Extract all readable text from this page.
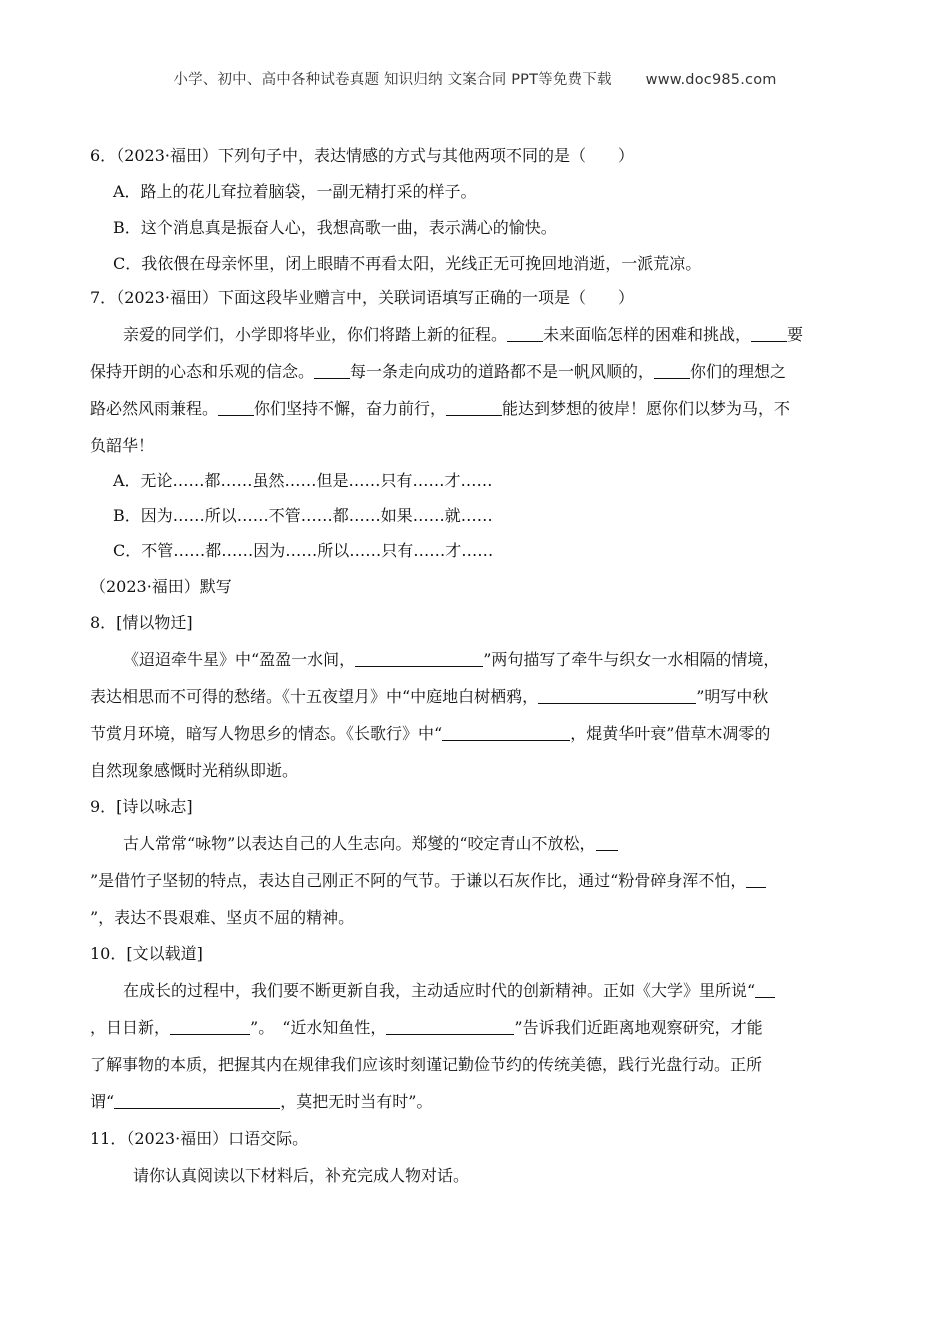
小学、初中、高中各种试卷真题 知识归纳 文案合同 PPT等免费下载 www.doc985.com
6．（2023·福田）下列句子中，表达情感的方式与其他两项不同的是（　　）
A．路上的花儿耷拉着脑袋，一副无精打采的样子。
B．这个消息真是振奋人心，我想高歌一曲，表示满心的愉快。
C．我依偎在母亲怀里，闭上眼睛不再看太阳，光线正无可挽回地消逝，一派荒凉。
7．（2023·福田）下面这段毕业赠言中，关联词语填写正确的一项是（　　）
亲爱的同学们，小学即将毕业，你们将踏上新的征程。 未来面临怎样的困难和挑战， 要
保持开朗的心态和乐观的信念。 每一条走向成功的道路都不是一帆风顺的， 你们的理想之
路必然风雨兼程。 你们坚持不懈，奋力前行，	能达到梦想的彼岸！愿你们以梦为马，不
负韶华！
A．无论……都……虽然……但是……只有……才……
B．因为……所以……不管……都……如果……就……
C．不管……都……因为……所以……只有……才……
（2023·福田）默写
8．[情以物迁]
《迢迢牵牛星》中“盈盈一水间，	”两句描写了牵牛与织女一水相隔的情境，
表达相思而不可得的愁绪。《十五夜望月》中“中庭地白树栖鸦，	”明写中秋
节赏月环境，暗写人物思乡的情态。《长歌行》中“	，焜黄华叶衰”借草木凋零的
自然现象感慨时光稍纵即逝。
9．[诗以咏志]
古人常常“咏物”以表达自己的人生志向。郑燮的“咬定青山不放松，
”是借竹子坚韧的特点，表达自己刚正不阿的气节。于谦以石灰作比，通过“粉骨碎身浑不怕，
”，表达不畏艰难、坚贞不屈的精神。
10．[文以载道]
在成长的过程中，我们要不断更新自我，主动适应时代的创新精神。正如《大学》里所说“
，日日新，	”。　“近水知鱼性，	”告诉我们近距离地观察研究，才能
了解事物的本质，把握其内在规律我们应该时刻谨记勤俭节约的传统美德，践行光盘行动。正所
谓“	，莫把无时当有时”。
11．（2023·福田）口语交际。
请你认真阅读以下材料后，补充完成人物对话。
